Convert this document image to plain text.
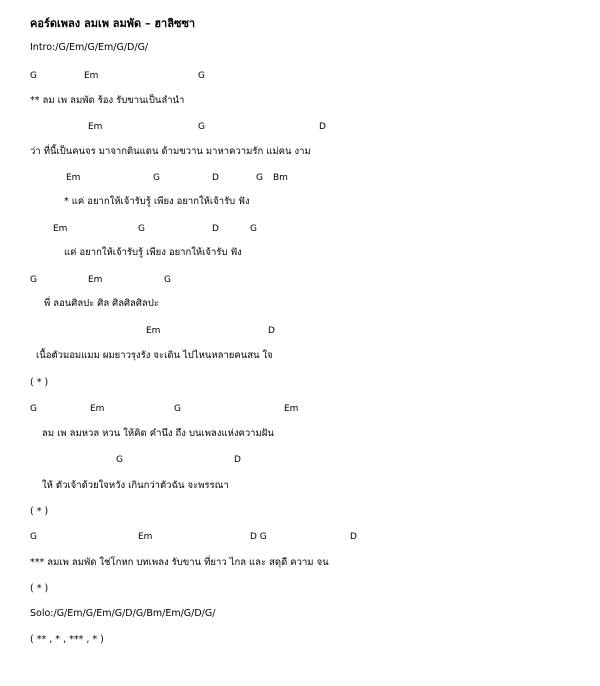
คอร์ดเพลง ลมเพ ลมพัด – ฮาลิซซา
Intro:/G/Em/G/Em/G/D/G/
G	Em	G
** ลม เพ ลมพัด ร้อง รับขานเป็นลำนำ
Em	G	D
ว่า ที่นี้เป็นคนจร มาจากดินแดน ด้ามขวาน มาหาความรัก แม่คน งาม
Em	G	D	G Bm
* แค่ อยากให้เจ้ารับรู้ เพียง อยากให้เจ้ารับ ฟัง
Em	G	D	G
แค่ อยากให้เจ้ารับรู้ เพียง อยากให้เจ้ารับ ฟัง
G	Em	G
พี่ ลอนศิลปะ ศิล ศิลศิลศิลปะ
Em	D
เนื้อตัวมอมแมม ผมยาวรุงรัง จะเดิน ไปไหนหลายคนสน ใจ
( * )
G	Em	G	Em
ลม เพ ลมหวล หวน ให้คิด คำนึง ถึง บนเพลงแห่งความฝัน
G	D
ให้ ตัวเจ้าด้วยใจหวัง เกินกว่าตัวฉัน จะพรรณา
( * )
G	Em	D G	D
*** ลมเพ ลมพัด ใช่โกหก บทเพลง รับขาน ที่ยาว ไกล และ สดุดี ความ จน
( * )
Solo:/G/Em/G/Em/G/D/G/Bm/Em/G/D/G/
( ** , * , *** , * )
